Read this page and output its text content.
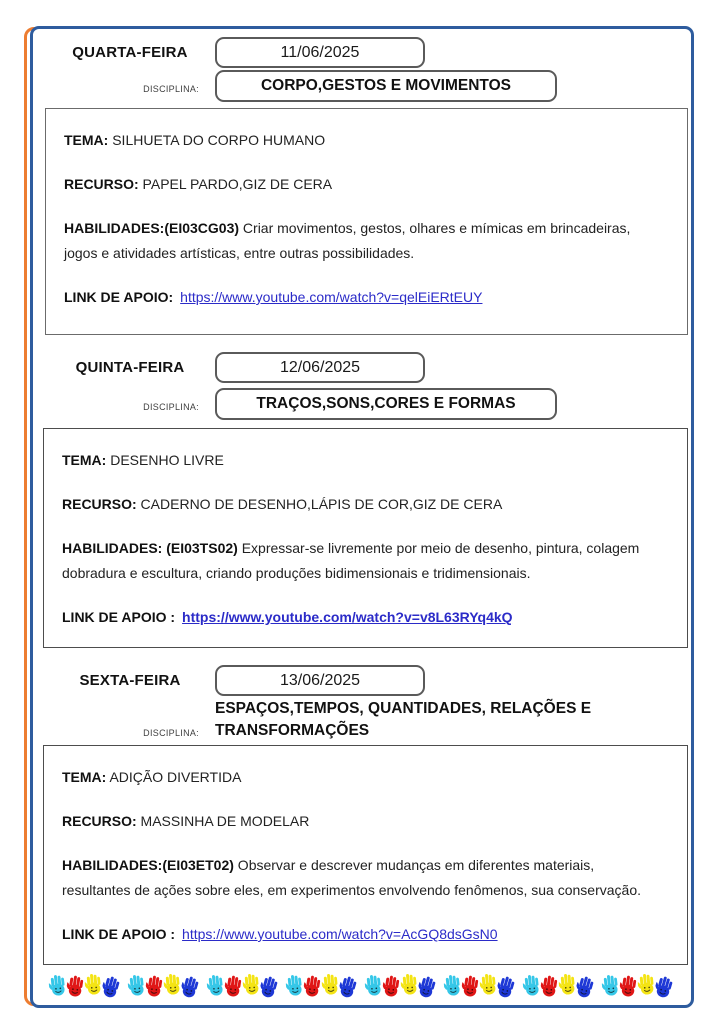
QUARTA-FEIRA	11/06/2025
DISCIPLINA:	CORPO,GESTOS E MOVIMENTOS

TEMA: SILHUETA DO CORPO HUMANO

RECURSO: PAPEL PARDO,GIZ DE CERA

HABILIDADES:(EI03CG03) Criar movimentos, gestos, olhares e mímicas em brincadeiras, jogos e atividades artísticas, entre outras possibilidades.

LINK DE APOIO: https://www.youtube.com/watch?v=qelEiERtEUY

QUINTA-FEIRA	12/06/2025
DISCIPLINA:	TRAÇOS,SONS,CORES E FORMAS

TEMA: DESENHO LIVRE

RECURSO: CADERNO DE DESENHO,LÁPIS DE COR,GIZ DE CERA

HABILIDADES: (EI03TS02) Expressar-se livremente por meio de desenho, pintura, colagem dobradura e escultura, criando produções bidimensionais e tridimensionais.

LINK DE APOIO : https://www.youtube.com/watch?v=v8L63RYq4kQ

SEXTA-FEIRA	13/06/2025
DISCIPLINA:
ESPAÇOS,TEMPOS, QUANTIDADES, RELAÇÕES E TRANSFORMAÇÕES

TEMA: ADIÇÃO DIVERTIDA

RECURSO: MASSINHA DE MODELAR

HABILIDADES:(EI03ET02) Observar e descrever mudanças em diferentes materiais, resultantes de ações sobre eles, em experimentos envolvendo fenômenos, sua conservação.

LINK DE APOIO : https://www.youtube.com/watch?v=AcGQ8dsGsN0
